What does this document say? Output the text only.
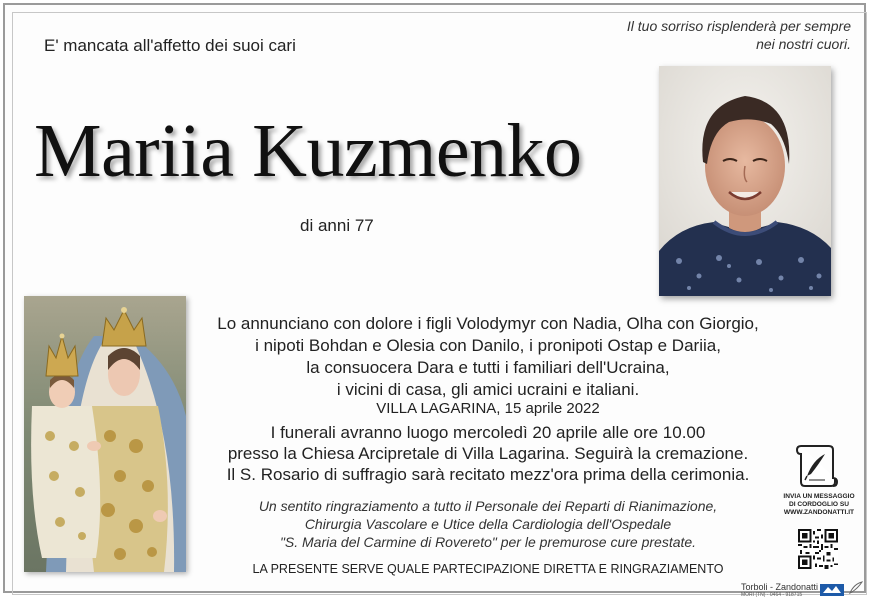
E' mancata all'affetto dei suoi cari
Il tuo sorriso risplenderà per sempre
nei nostri cuori.
Mariia Kuzmenko
di anni 77
Lo annunciano con dolore i figli Volodymyr con Nadia, Olha con Giorgio,
i nipoti Bohdan e Olesia con Danilo, i pronipoti Ostap e Dariia,
la consuocera Dara e tutti i familiari dell'Ucraina,
i vicini di casa, gli amici ucraini e italiani.
VILLA LAGARINA, 15 aprile 2022
I funerali avranno luogo mercoledì 20 aprile alle ore 10.00
presso la Chiesa Arcipretale di Villa Lagarina. Seguirà la cremazione.
Il S. Rosario di suffragio sarà recitato mezz'ora prima della cerimonia.
Un sentito ringraziamento a tutto il Personale dei Reparti di Rianimazione,
Chirurgia Vascolare e Utice della Cardiologia dell'Ospedale
"S. Maria del Carmine di Rovereto" per le premurose cure prestate.
LA PRESENTE SERVE QUALE PARTECIPAZIONE DIRETTA E RINGRAZIAMENTO
INVIA UN MESSAGGIO
DI CORDOGLIO SU
WWW.ZANDONATTI.IT
Torboli - Zandonatti
MORI (TN) · 0464 - 918715
